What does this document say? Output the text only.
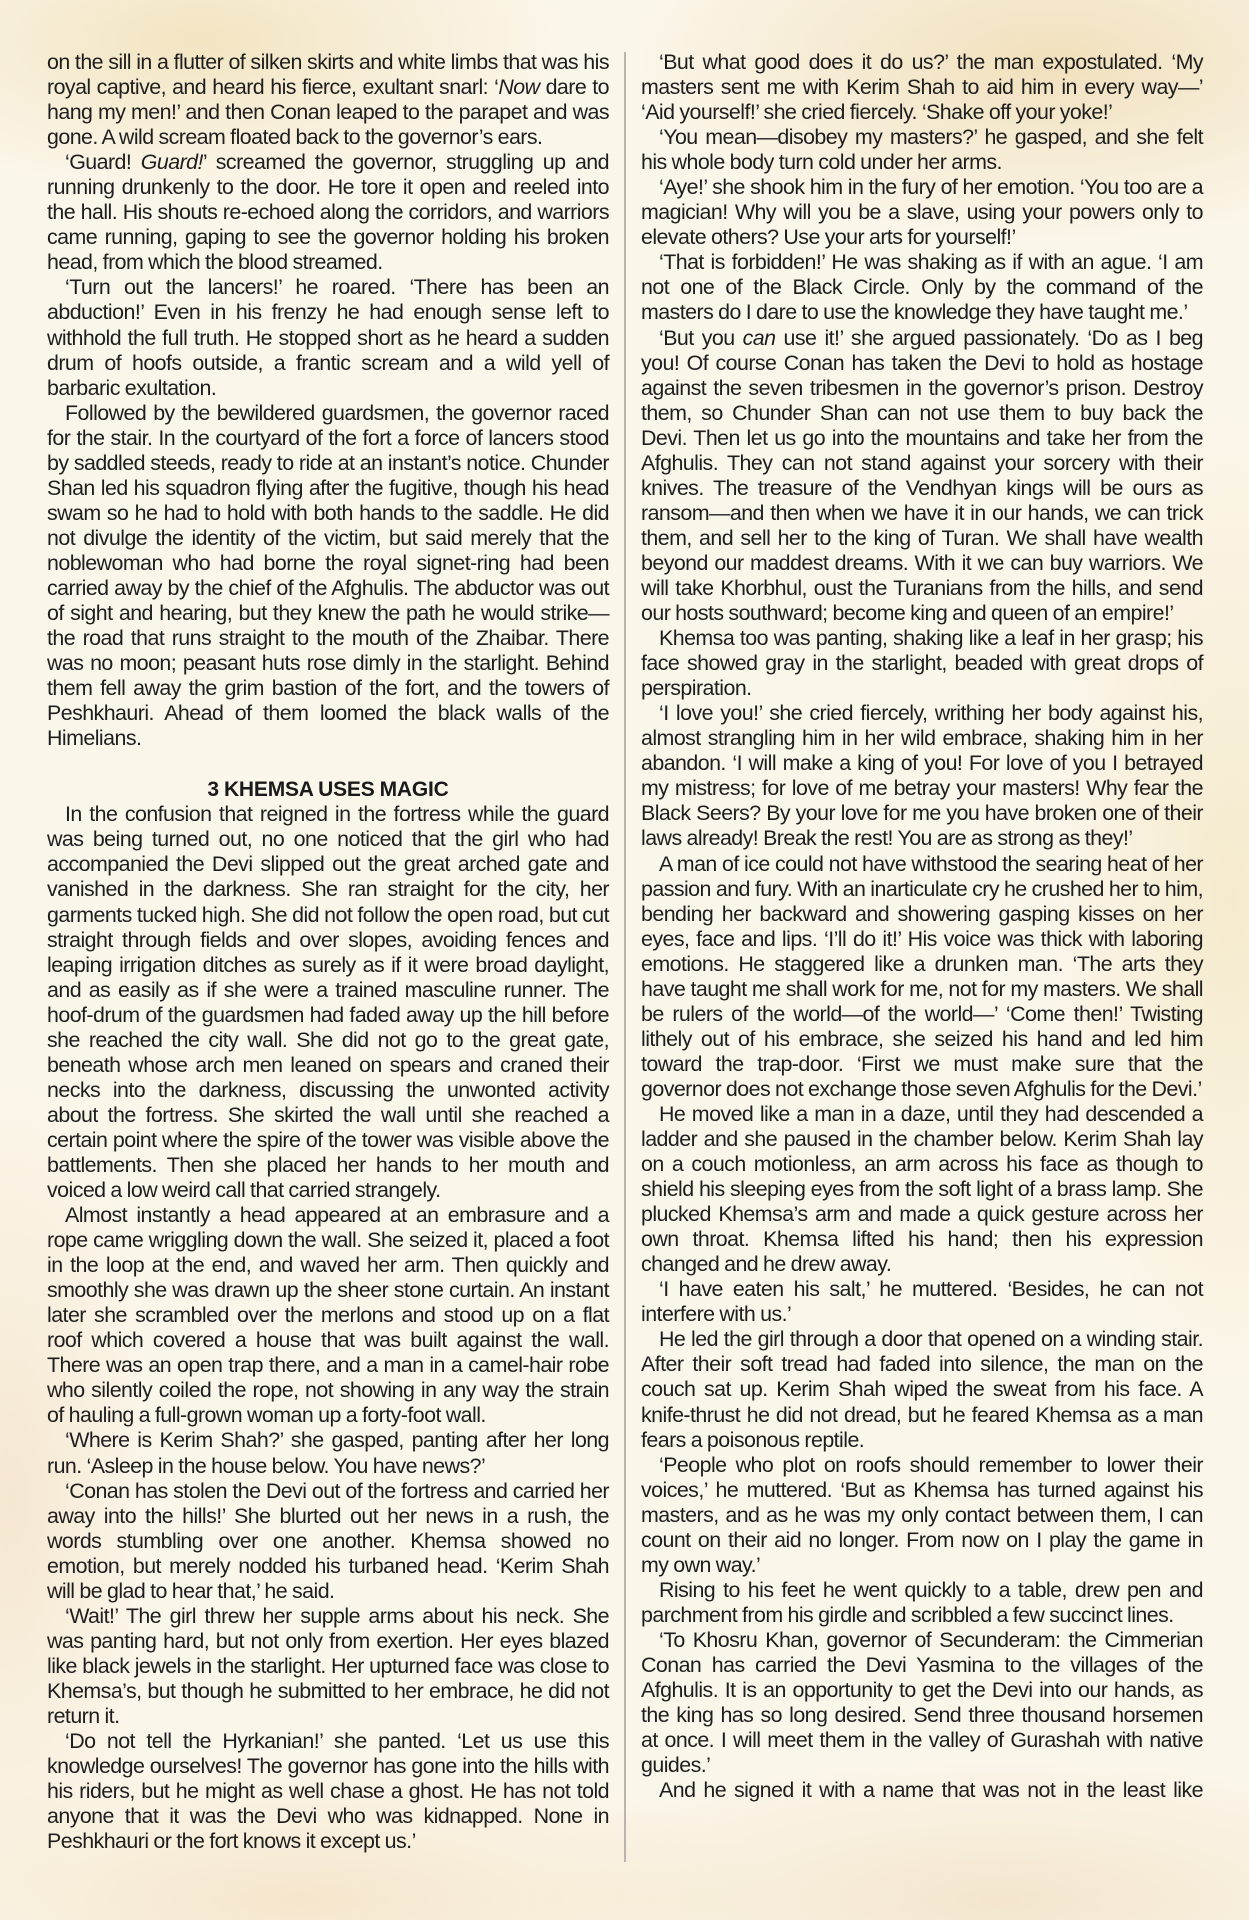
on the sill in a flutter of silken skirts and white limbs that was his royal captive, and heard his fierce, exultant snarl: ‘Now dare to hang my men!’ and then Conan leaped to the parapet and was gone. A wild scream floated back to the governor’s ears.

‘Guard! Guard!’ screamed the governor, struggling up and running drunkenly to the door. He tore it open and reeled into the hall. His shouts re-echoed along the corridors, and warriors came running, gaping to see the governor holding his broken head, from which the blood streamed.

‘Turn out the lancers!’ he roared. ‘There has been an abduction!’ Even in his frenzy he had enough sense left to withhold the full truth. He stopped short as he heard a sudden drum of hoofs outside, a frantic scream and a wild yell of barbaric exultation.

Followed by the bewildered guardsmen, the governor raced for the stair. In the courtyard of the fort a force of lancers stood by saddled steeds, ready to ride at an instant’s notice. Chunder Shan led his squadron flying after the fugitive, though his head swam so he had to hold with both hands to the saddle. He did not divulge the identity of the victim, but said merely that the noblewoman who had borne the royal signet-ring had been carried away by the chief of the Afghulis. The abductor was out of sight and hearing, but they knew the path he would strike—the road that runs straight to the mouth of the Zhaibar. There was no moon; peasant huts rose dimly in the starlight. Behind them fell away the grim bastion of the fort, and the towers of Peshkhauri. Ahead of them loomed the black walls of the Himelians.

3 KHEMSA USES MAGIC

In the confusion that reigned in the fortress while the guard was being turned out, no one noticed that the girl who had accompanied the Devi slipped out the great arched gate and vanished in the darkness. She ran straight for the city, her garments tucked high. She did not follow the open road, but cut straight through fields and over slopes, avoiding fences and leaping irrigation ditches as surely as if it were broad daylight, and as easily as if she were a trained masculine runner. The hoof-drum of the guardsmen had faded away up the hill before she reached the city wall. She did not go to the great gate, beneath whose arch men leaned on spears and craned their necks into the darkness, discussing the unwonted activity about the fortress. She skirted the wall until she reached a certain point where the spire of the tower was visible above the battlements. Then she placed her hands to her mouth and voiced a low weird call that carried strangely.

Almost instantly a head appeared at an embrasure and a rope came wriggling down the wall. She seized it, placed a foot in the loop at the end, and waved her arm. Then quickly and smoothly she was drawn up the sheer stone curtain. An instant later she scrambled over the merlons and stood up on a flat roof which covered a house that was built against the wall. There was an open trap there, and a man in a camel-hair robe who silently coiled the rope, not showing in any way the strain of hauling a full-grown woman up a forty-foot wall.

‘Where is Kerim Shah?’ she gasped, panting after her long run. ‘Asleep in the house below. You have news?’

‘Conan has stolen the Devi out of the fortress and carried her away into the hills!’ She blurted out her news in a rush, the words stumbling over one another. Khemsa showed no emotion, but merely nodded his turbaned head. ‘Kerim Shah will be glad to hear that,’ he said.

‘Wait!’ The girl threw her supple arms about his neck. She was panting hard, but not only from exertion. Her eyes blazed like black jewels in the starlight. Her upturned face was close to Khemsa’s, but though he submitted to her embrace, he did not return it.

‘Do not tell the Hyrkanian!’ she panted. ‘Let us use this knowledge ourselves! The governor has gone into the hills with his riders, but he might as well chase a ghost. He has not told anyone that it was the Devi who was kidnapped. None in Peshkhauri or the fort knows it except us.’

‘But what good does it do us?’ the man expostulated. ‘My masters sent me with Kerim Shah to aid him in every way—’ ‘Aid yourself!’ she cried fiercely. ‘Shake off your yoke!’

‘You mean—disobey my masters?’ he gasped, and she felt his whole body turn cold under her arms.

‘Aye!’ she shook him in the fury of her emotion. ‘You too are a magician! Why will you be a slave, using your powers only to elevate others? Use your arts for yourself!’

‘That is forbidden!’ He was shaking as if with an ague. ‘I am not one of the Black Circle. Only by the command of the masters do I dare to use the knowledge they have taught me.’

‘But you can use it!’ she argued passionately. ‘Do as I beg you! Of course Conan has taken the Devi to hold as hostage against the seven tribesmen in the governor’s prison. Destroy them, so Chunder Shan can not use them to buy back the Devi. Then let us go into the mountains and take her from the Afghulis. They can not stand against your sorcery with their knives. The treasure of the Vendhyan kings will be ours as ransom—and then when we have it in our hands, we can trick them, and sell her to the king of Turan. We shall have wealth beyond our maddest dreams. With it we can buy warriors. We will take Khorbhul, oust the Turanians from the hills, and send our hosts southward; become king and queen of an empire!’

Khemsa too was panting, shaking like a leaf in her grasp; his face showed gray in the starlight, beaded with great drops of perspiration.

‘I love you!’ she cried fiercely, writhing her body against his, almost strangling him in her wild embrace, shaking him in her abandon. ‘I will make a king of you! For love of you I betrayed my mistress; for love of me betray your masters! Why fear the Black Seers? By your love for me you have broken one of their laws already! Break the rest! You are as strong as they!’

A man of ice could not have withstood the searing heat of her passion and fury. With an inarticulate cry he crushed her to him, bending her backward and showering gasping kisses on her eyes, face and lips. ‘I’ll do it!’ His voice was thick with laboring emotions. He staggered like a drunken man. ‘The arts they have taught me shall work for me, not for my masters. We shall be rulers of the world—of the world—’ ‘Come then!’ Twisting lithely out of his embrace, she seized his hand and led him toward the trap-door. ‘First we must make sure that the governor does not exchange those seven Afghulis for the Devi.’

He moved like a man in a daze, until they had descended a ladder and she paused in the chamber below. Kerim Shah lay on a couch motionless, an arm across his face as though to shield his sleeping eyes from the soft light of a brass lamp. She plucked Khemsa’s arm and made a quick gesture across her own throat. Khemsa lifted his hand; then his expression changed and he drew away.

‘I have eaten his salt,’ he muttered. ‘Besides, he can not interfere with us.’

He led the girl through a door that opened on a winding stair. After their soft tread had faded into silence, the man on the couch sat up. Kerim Shah wiped the sweat from his face. A knife-thrust he did not dread, but he feared Khemsa as a man fears a poisonous reptile.

‘People who plot on roofs should remember to lower their voices,’ he muttered. ‘But as Khemsa has turned against his masters, and as he was my only contact between them, I can count on their aid no longer. From now on I play the game in my own way.’

Rising to his feet he went quickly to a table, drew pen and parchment from his girdle and scribbled a few succinct lines.

‘To Khosru Khan, governor of Secunderam: the Cimmerian Conan has carried the Devi Yasmina to the villages of the Afghulis. It is an opportunity to get the Devi into our hands, as the king has so long desired. Send three thousand horsemen at once. I will meet them in the valley of Gurashah with native guides.’

And he signed it with a name that was not in the least like
